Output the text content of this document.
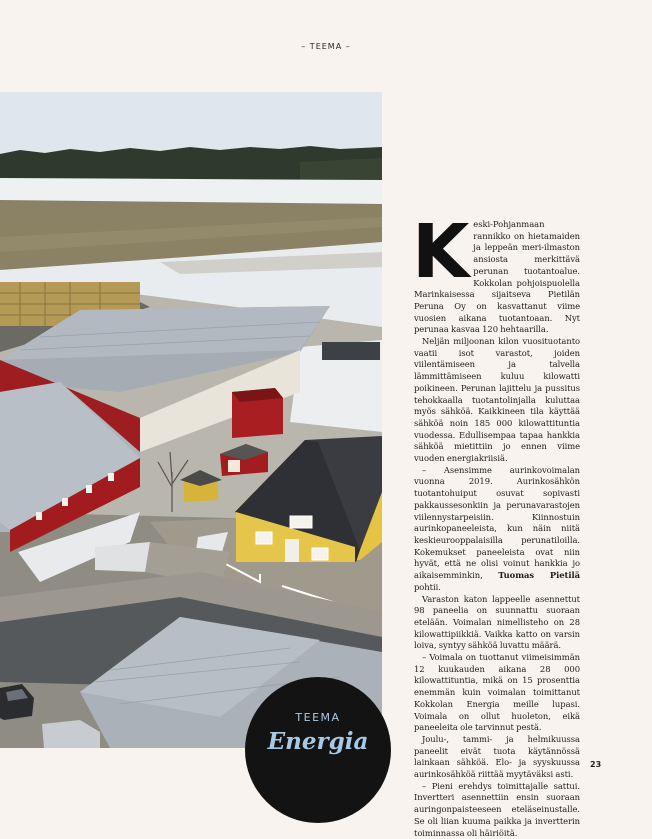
– TEEMA –

Keski-Pohjanmaan rannikko on hietamaiden ja leppeän meri-ilmaston ansiosta merkittävä perunan tuotantoalue. Kokkolan pohjoispuolella Marinkaisessa sijaitseva Pietilän Peruna Oy on kasvattanut viime vuosien aikana tuotantoaan. Nyt perunaa kasvaa 120 hehtaarilla.

Neljän miljoonan kilon vuosituotanto vaatii isot varastot, joiden viilentämiseen ja talvella lämmittämiseen kuluu kilowatti poikineen. Perunan lajittelu ja pussitus tehokkaalla tuotantolinjalla kuluttaa myös sähköä. Kaikkineen tila käyttää sähköä noin 185 000 kilowattituntia vuodessa. Edullisempaa tapaa hankkia sähköä mietittiin jo ennen viime vuoden energiakriisiä.

– Asensimme aurinkovoimalan vuonna 2019. Aurinkosähkön tuotantohuiput osuvat sopivasti pakkaussesonkiin ja perunavarastojen viilennystarpeisiin. Kiinnostuin aurinkopaneeleista, kun näin niitä keskieurooppalaisilla perunatiloilla. Kokemukset paneeleista ovat niin hyvät, että ne olisi voinut hankkia jo aikaisemminkin, Tuomas Pietilä pohtii.

Varaston katon lappeelle asennettut 98 paneelia on suunnattu suoraan etelään. Voimalan nimellisteho on 28 kilowattipiikkiä. Vaikka katto on varsin loiva, syntyy sähköä luvattu määrä.

– Voimala on tuottanut viimeisimmän 12 kuukauden aikana 28 000 kilowattituntia, mikä on 15 prosenttia enemmän kuin voimalan toimittanut Kokkolan Energia meille lupasi. Voimala on ollut huoleton, eikä paneeleita ole tarvinnut pestä.

Joulu-, tammi- ja helmikuussa paneelit eivät tuota käytännössä lainkaan sähköä. Elo- ja syyskuussa aurinkosähköä riittää myytäväksi asti.

– Pieni erehdys toimittajalle sattui. Invertteri asennettiin ensin suoraan auringonpaisteeseen eteläseinustalle. Se oli liian kuuma paikka ja invertterin toiminnassa oli häiriöitä.

TEEMA
Energia
23
